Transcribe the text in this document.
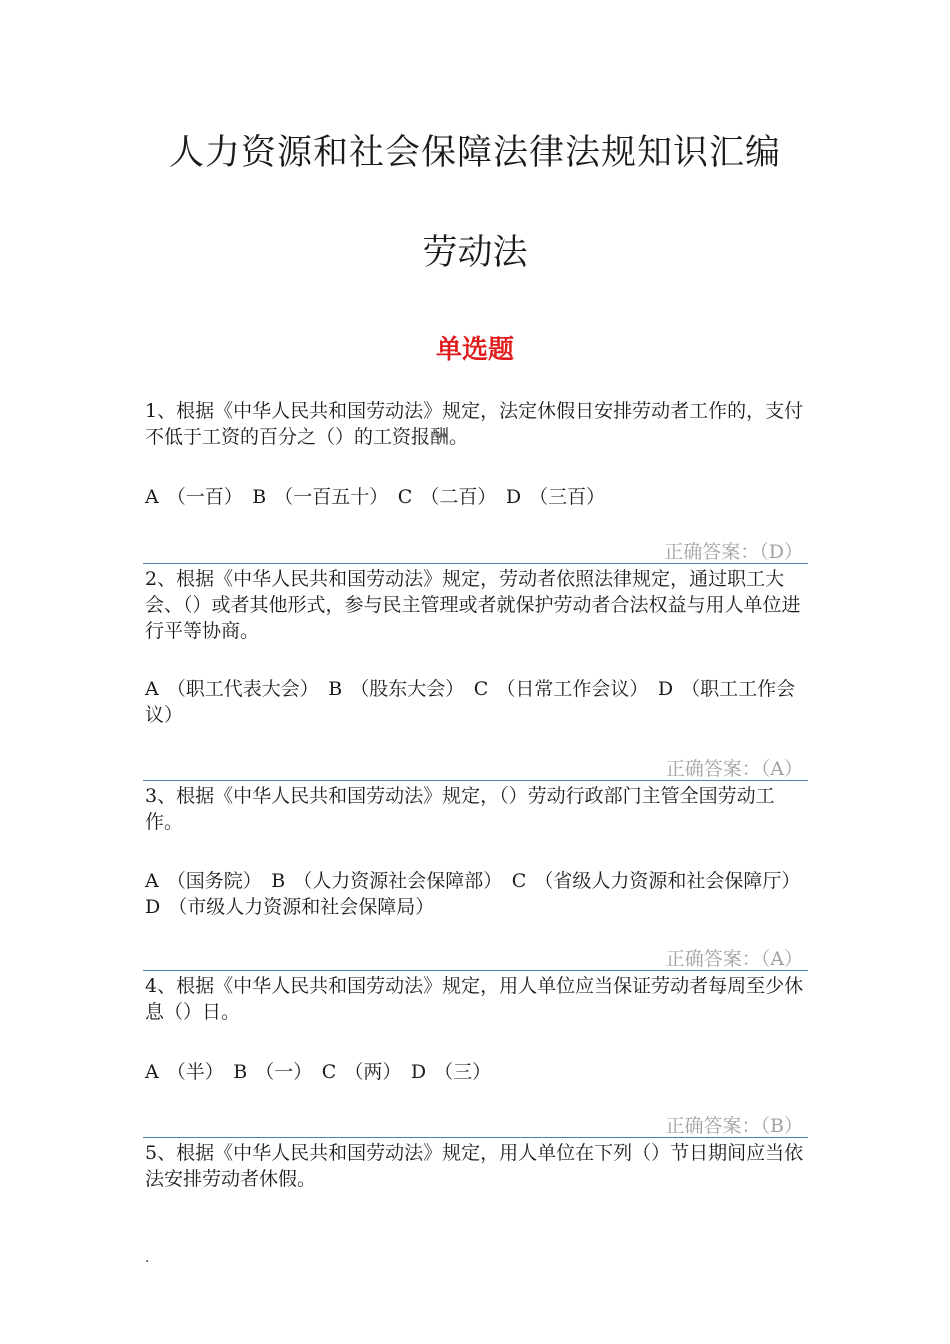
人力资源和社会保障法律法规知识汇编
劳动法
单选题

1、根据《中华人民共和国劳动法》规定，法定休假日安排劳动者工作的，支付不低于工资的百分之（）的工资报酬。

A （一百）　B （一百五十）　C （二百）　D （三百）

正确答案：（D）

2、根据《中华人民共和国劳动法》规定，劳动者依照法律规定，通过职工大会、（）或者其他形式，参与民主管理或者就保护劳动者合法权益与用人单位进行平等协商。

A （职工代表大会）　B （股东大会）　C （日常工作会议）　D （职工工作会议）

正确答案：（A）

3、根据《中华人民共和国劳动法》规定，（）劳动行政部门主管全国劳动工作。

A （国务院）　B （人力资源社会保障部）　C （省级人力资源和社会保障厅）　D （市级人力资源和社会保障局）

正确答案：（A）

4、根据《中华人民共和国劳动法》规定，用人单位应当保证劳动者每周至少休息（）日。

A （半）　B （一）　C （两）　D （三）

正确答案：（B）

5、根据《中华人民共和国劳动法》规定，用人单位在下列（）节日期间应当依法安排劳动者休假。

.
